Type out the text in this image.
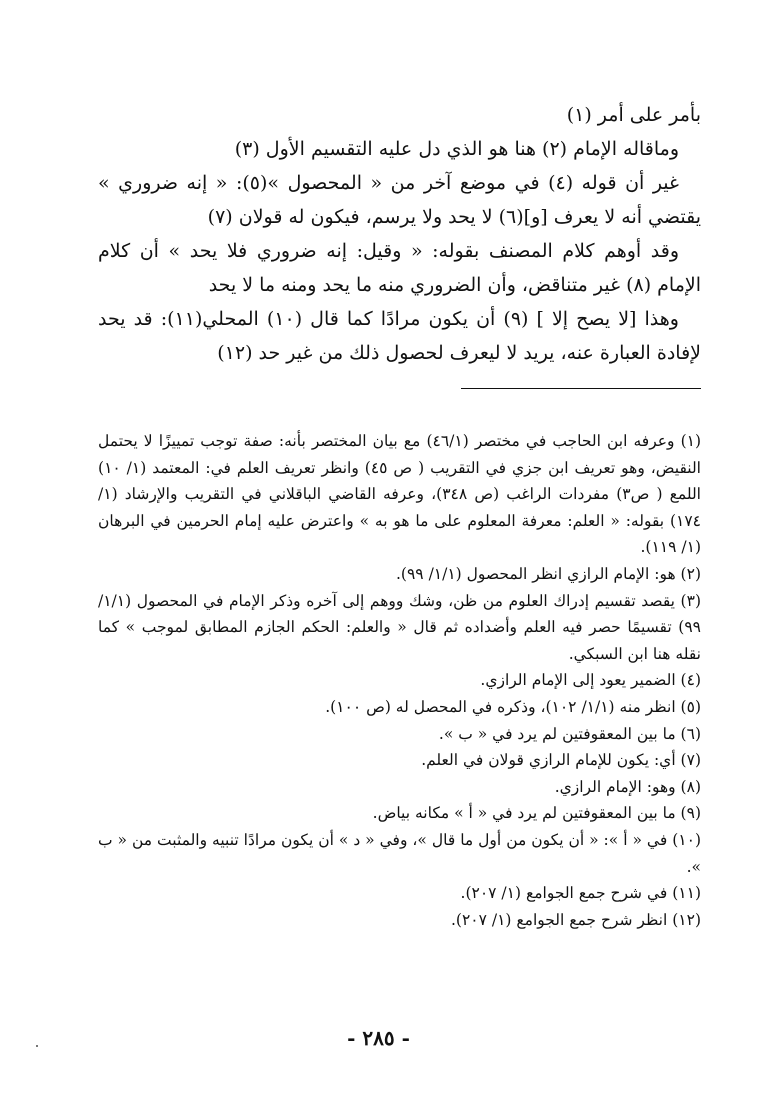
بأمر على أمر (١)

وماقاله الإمام (٢) هنا هو الذي دل عليه التقسيم الأول (٣)

غير أن قوله (٤) في موضع آخر من « المحصول »(٥): « إنه ضروري » يقتضي أنه لا يعرف [و](٦) لا يحد ولا يرسم، فيكون له قولان (٧)

وقد أوهم كلام المصنف بقوله: « وقيل: إنه ضروري فلا يحد » أن كلام الإمام (٨) غير متناقض، وأن الضروري منه ما يحد ومنه ما لا يحد

وهذا [لا يصح إلا ] (٩) أن يكون مرادًا كما قال (١٠) المحلي(١١): قد يحد لإفادة العبارة عنه، يريد لا ليعرف لحصول ذلك من غير حد (١٢)

(١) وعرفه ابن الحاجب في مختصر (٤٦/١) مع بيان المختصر بأنه: صفة توجب تمييزًا لا يحتمل النقيض، وهو تعريف ابن جزي في التقريب ( ص ٤٥) وانظر تعريف العلم في: المعتمد (١/ ١٠) اللمع ( ص٣) مفردات الراغب (ص ٣٤٨)، وعرفه القاضي الباقلاني في التقريب والإرشاد (١/ ١٧٤) بقوله: « العلم: معرفة المعلوم على ما هو به » واعترض عليه إمام الحرمين في البرهان (١/ ١١٩).

(٢) هو: الإمام الرازي انظر المحصول (١/١/ ٩٩).

(٣) يقصد تقسيم إدراك العلوم من ظن، وشك ووهم إلى آخره وذكر الإمام في المحصول (١/١/ ٩٩) تقسيمًا حصر فيه العلم وأضداده ثم قال « والعلم: الحكم الجازم المطابق لموجب » كما نقله هنا ابن السبكي.

(٤) الضمير يعود إلى الإمام الرازي.

(٥) انظر منه (١/١/ ١٠٢)، وذكره في المحصل له (ص ١٠٠).

(٦) ما بين المعقوفتين لم يرد في « ب ».

(٧) أي: يكون للإمام الرازي قولان في العلم.

(٨) وهو: الإمام الرازي.

(٩) ما بين المعقوفتين لم يرد في « أ » مكانه بياض.

(١٠) في « أ »: « أن يكون من أول ما قال »، وفي « د » أن يكون مرادًا تنبيه والمثبت من « ب ».

(١١) في شرح جمع الجوامع (١/ ٢٠٧).

(١٢) انظر شرح جمع الجوامع (١/ ٢٠٧).

- ٢٨٥ -
